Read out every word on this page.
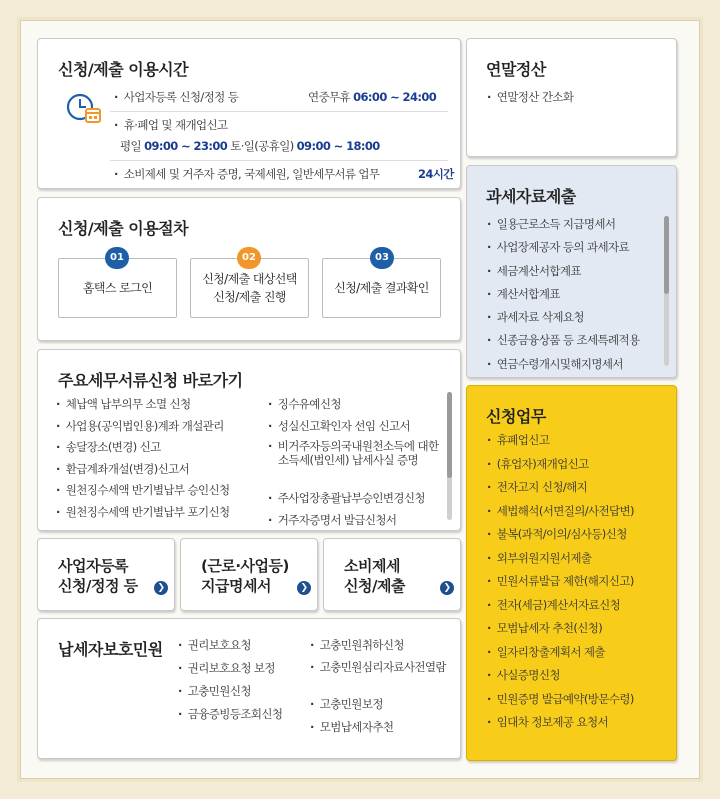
신청/제출 이용시간
· 사업자등록 신청/정정 등	연중무휴 06:00 ~ 24:00
· 휴·폐업 및 재개업신고
평일 09:00 ~ 23:00 토·일(공휴일) 09:00 ~ 18:00
· 소비제세 및 거주자 증명, 국제세원, 일반세무서류 업무	24시간
연말정산
· 연말정산 간소화
과세자료제출
· 일용근로소득 지급명세서
· 사업장제공자 등의 과세자료
· 세금계산서합계표
· 계산서합계표
· 과세자료 삭제요청
· 신종금융상품 등 조세특례적용
· 연금수령개시및해지명세서
신청/제출 이용절차
홈택스 로그인
01
신청/제출 대상선택
신청/제출 진행
02
신청/제출 결과확인
03
주요세무서류신청 바로가기
· 체납액 납부의무 소멸 신청
· 사업용(공익법인용)계좌 개설관리
· 송달장소(변경) 신고
· 환급계좌개설(변경)신고서
· 원천징수세액 반기별납부 승인신청
· 원천징수세액 반기별납부 포기신청
· 징수유예신청
· 성실신고확인자 선임 신고서
· 비거주자등의국내원천소득에 대한 소득세(법인세) 납세사실 증명
· 주사업장총괄납부승인변경신청
· 거주자증명서 발급신청서
사업자등록
신청/정정 등	❯
(근로·사업등)
지급명세서	❯
소비제세
신청/제출	❯
납세자보호민원
·	권리보호요청
· 권리보호요청 보정
· 고충민원신청
· 금융증빙등조회신청
· 고충민원취하신청
· 고충민원심리자료사전열람
· 고충민원보정
· 모범납세자추천
신청업무
· 휴폐업신고
· (휴업자)재개업신고
· 전자고지 신청/해지
· 세법해석(서면질의/사전답변)
· 불복(과적/이의/심사등)신청
· 외부위원지원서제출
· 민원서류발급 제한(해지신고)
· 전자(세금)계산서자료신청
· 모범납세자 추천(신청)
· 일자리창출계획서 제출
· 사실증명신청
· 민원증명 발급예약(방문수령)
· 임대차 정보제공 요청서
